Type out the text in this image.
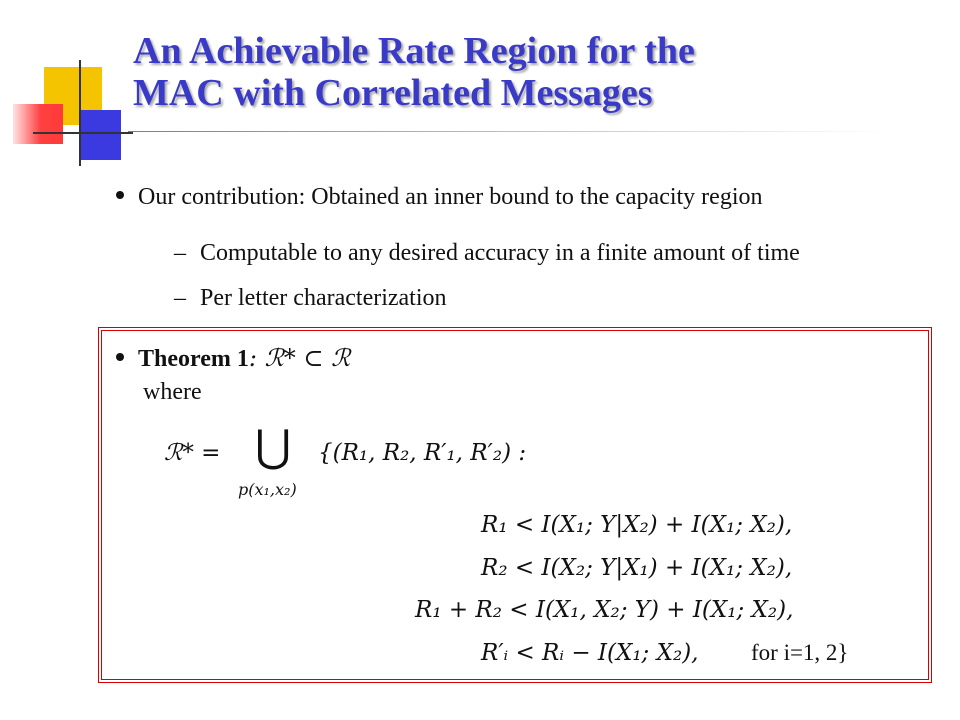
An Achievable Rate Region for the
MAC with Correlated Messages
Our contribution: Obtained an inner bound to the capacity region
– Computable to any desired accuracy in a finite amount of time
– Per letter characterization
Theorem 1: ℛ* ⊂ ℛ
where
ℛ* = ⋃
p(x₁,x₂)
{(R₁, R₂, R′₁, R′₂) :
R₁ < I(X₁; Y|X₂) + I(X₁; X₂),
R₂ < I(X₂; Y|X₁) + I(X₁; X₂),
R₁ + R₂ < I(X₁, X₂; Y) + I(X₁; X₂),
R′ᵢ < Rᵢ − I(X₁; X₂), for i=1, 2}
